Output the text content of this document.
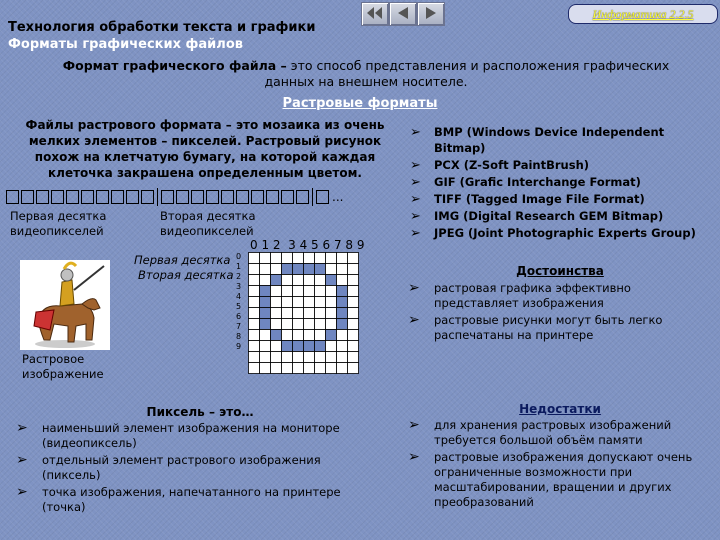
Технология обработки текста и графики
Форматы графических файлов
Информатика 2.2.5
Формат графического файла – это способ представления и расположения графических данных на внешнем носителе.
Растровые форматы
Файлы растрового формата – это мозаика из очень мелких элементов – пикселей. Растровый рисунок похож на клетчатую бумагу, на которой каждая клеточка закрашена определенным цветом.
...
Первая десятка видеопикселей
Вторая десятка видеопикселей
Первая десятка
Вторая десятка
0 1 2  3 4 5 6 7 8 9
0
1
2
3
4
5
6
7
8
9
Растровое изображение
➢ BMP (Windows Device Independent Bitmap)
➢ PCX (Z-Soft PaintBrush)
➢ GIF (Grafic Interchange Format)
➢ TIFF (Tagged Image File Format)
➢ IMG (Digital Research GEM Bitmap)
➢ JPEG (Joint Photographic Experts Group)
Достоинства
➢ растровая графика эффективно представляет изображения
➢ растровые рисунки могут быть легко распечатаны на принтере
Пиксель – это…
➢ наименьший элемент изображения на мониторе (видеопиксель)
➢ отдельный элемент растрового изображения (пиксель)
➢ точка изображения, напечатанного на принтере (точка)
Недостатки
➢ для хранения растровых изображений требуется большой объём памяти
➢ растровые изображения допускают очень ограниченные возможности при масштабировании, вращении и других преобразований
